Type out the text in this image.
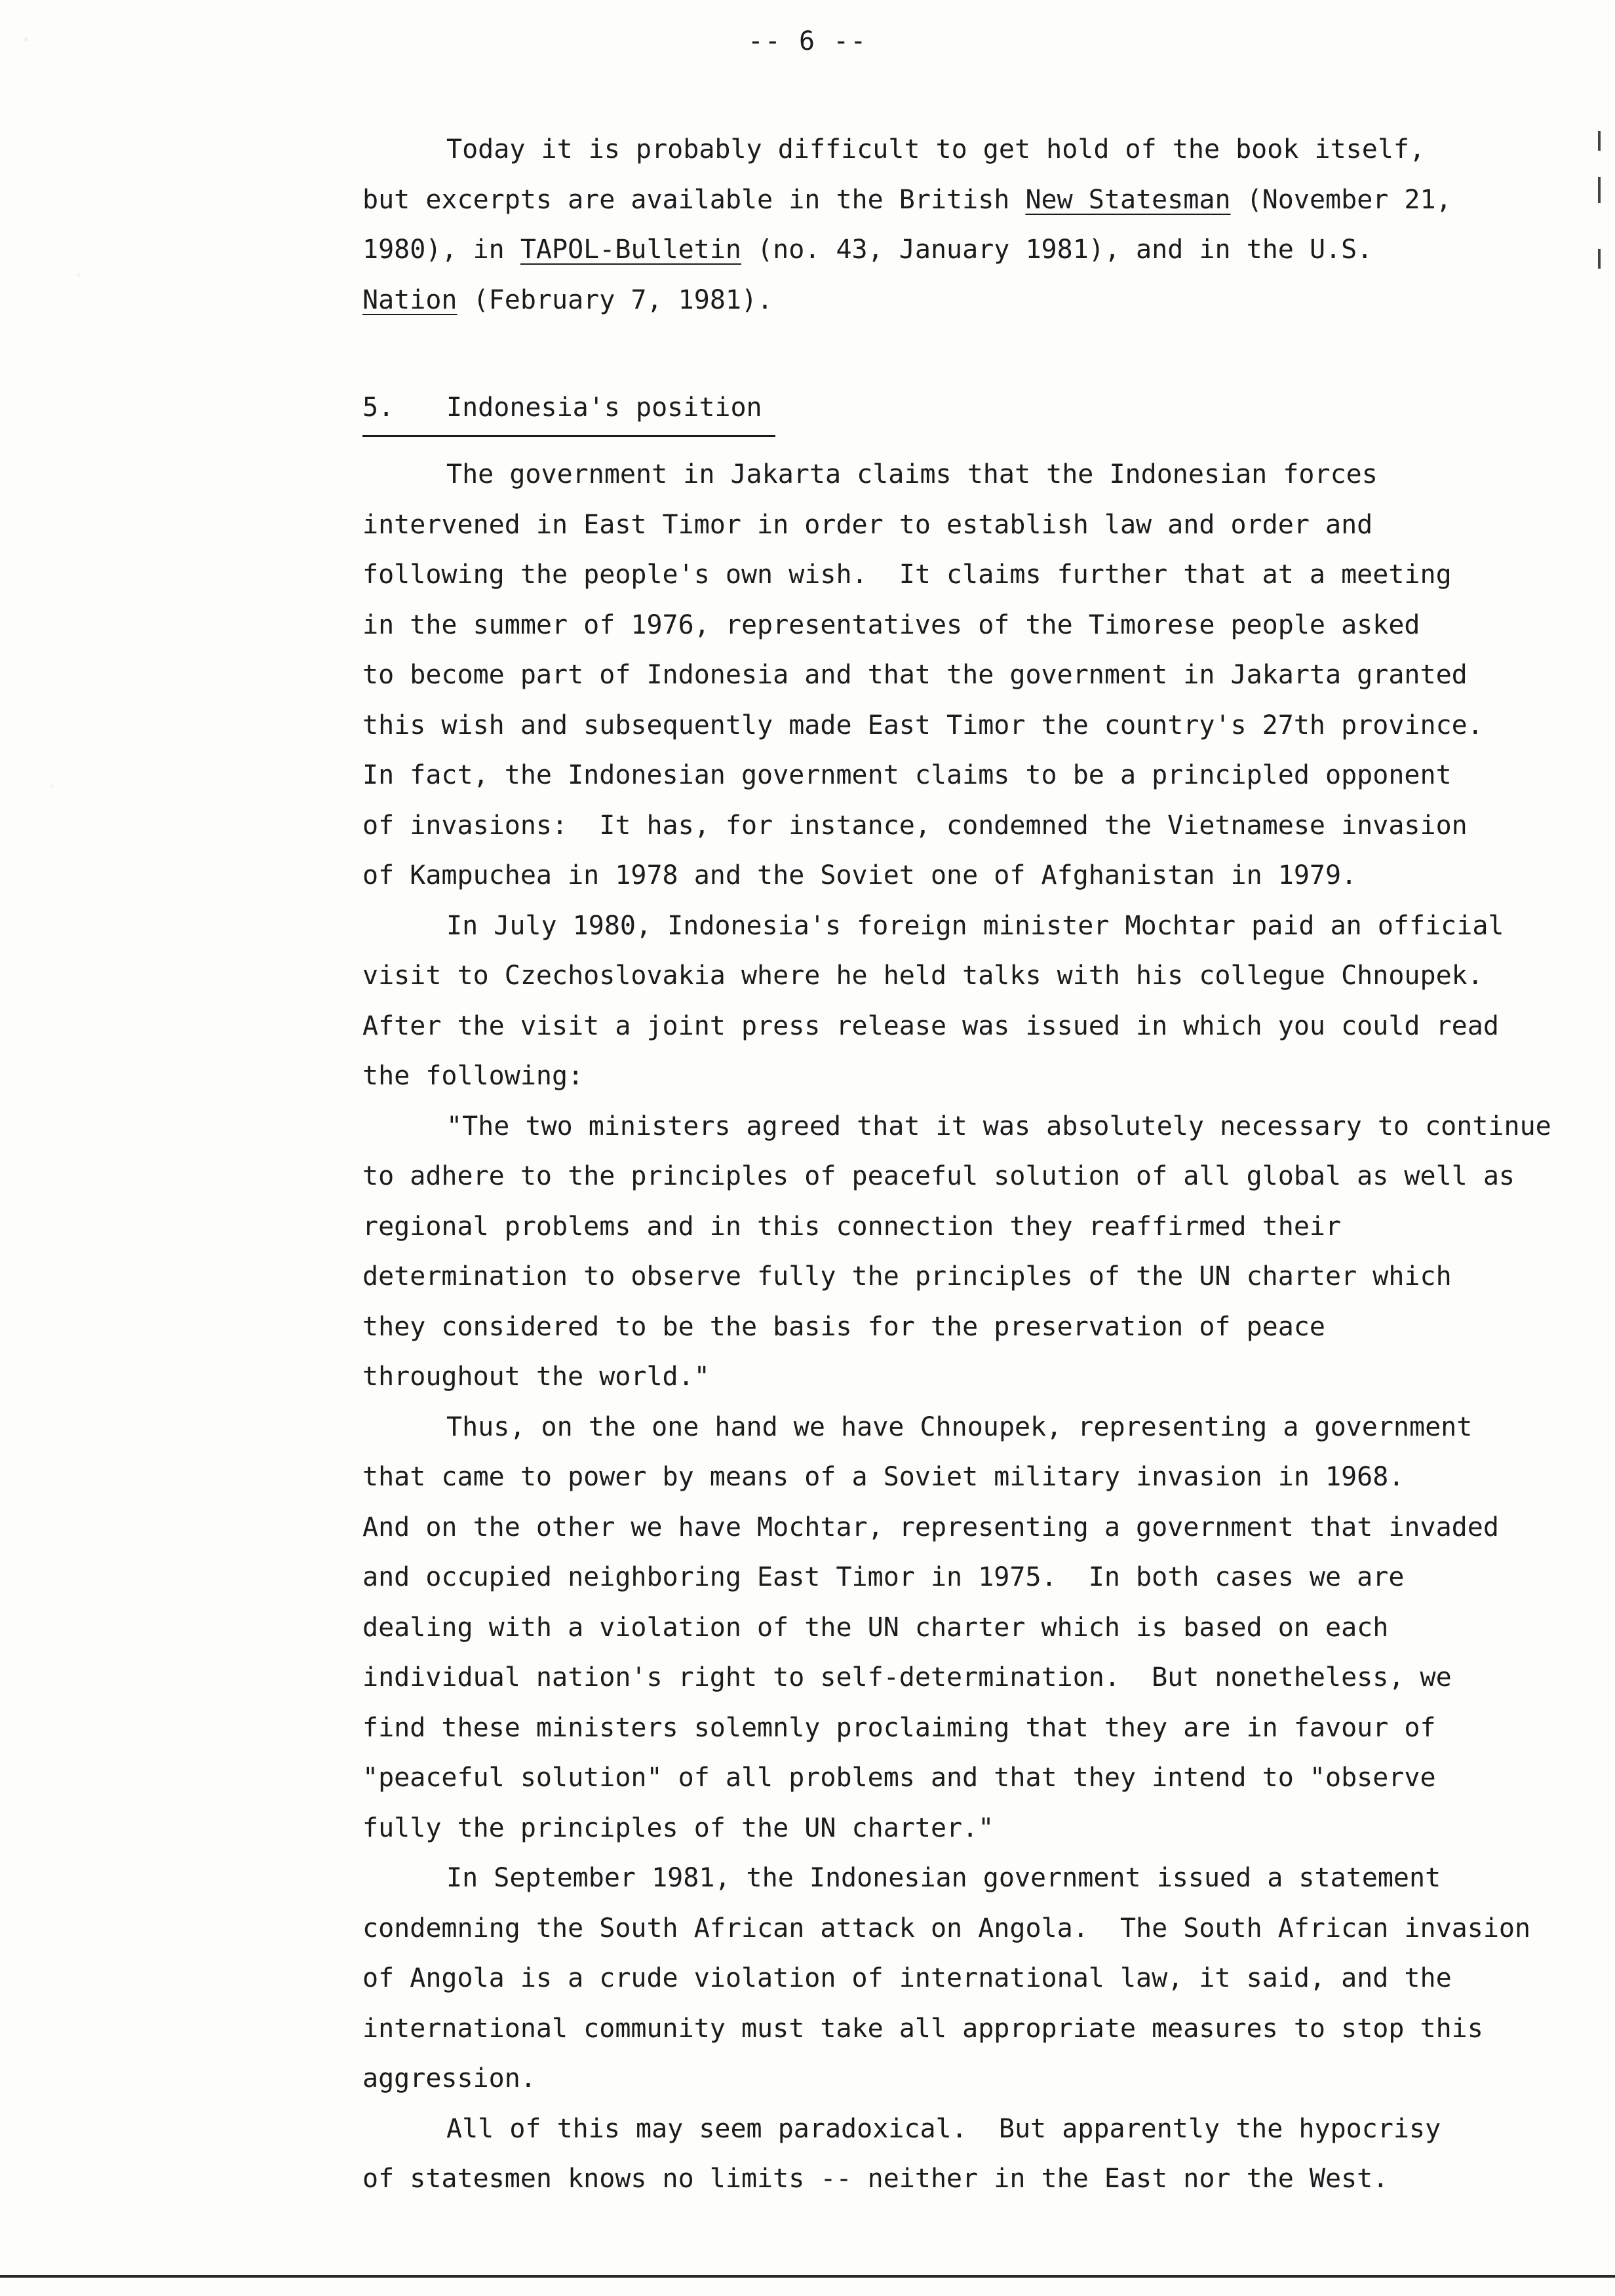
-- 6 --
Today it is probably difficult to get hold of the book itself,
but excerpts are available in the British New Statesman (November 21,
1980), in TAPOL-Bulletin (no. 43, January 1981), and in the U.S.
Nation (February 7, 1981).
5. Indonesia's position
The government in Jakarta claims that the Indonesian forces
intervened in East Timor in order to establish law and order and
following the people's own wish.  It claims further that at a meeting
in the summer of 1976, representatives of the Timorese people asked
to become part of Indonesia and that the government in Jakarta granted
this wish and subsequently made East Timor the country's 27th province.
In fact, the Indonesian government claims to be a principled opponent
of invasions:  It has, for instance, condemned the Vietnamese invasion
of Kampuchea in 1978 and the Soviet one of Afghanistan in 1979.
In July 1980, Indonesia's foreign minister Mochtar paid an official
visit to Czechoslovakia where he held talks with his collegue Chnoupek.
After the visit a joint press release was issued in which you could read
the following:
"The two ministers agreed that it was absolutely necessary to continue
to adhere to the principles of peaceful solution of all global as well as
regional problems and in this connection they reaffirmed their
determination to observe fully the principles of the UN charter which
they considered to be the basis for the preservation of peace
throughout the world."
Thus, on the one hand we have Chnoupek, representing a government
that came to power by means of a Soviet military invasion in 1968.
And on the other we have Mochtar, representing a government that invaded
and occupied neighboring East Timor in 1975.  In both cases we are
dealing with a violation of the UN charter which is based on each
individual nation's right to self-determination.  But nonetheless, we
find these ministers solemnly proclaiming that they are in favour of
"peaceful solution" of all problems and that they intend to "observe
fully the principles of the UN charter."
In September 1981, the Indonesian government issued a statement
condemning the South African attack on Angola.  The South African invasion
of Angola is a crude violation of international law, it said, and the
international community must take all appropriate measures to stop this
aggression.
All of this may seem paradoxical.  But apparently the hypocrisy
of statesmen knows no limits -- neither in the East nor the West.
